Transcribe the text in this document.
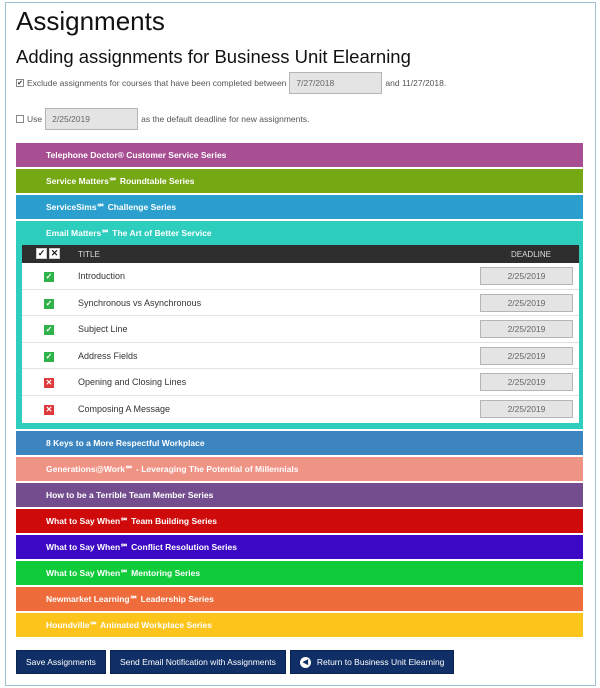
Assignments
Adding assignments for Business Unit Elearning
✔ Exclude assignments for courses that have been completed between	7/27/2018	and 11/27/2018.
Use	2/25/2019	as the default deadline for new assignments.
Telephone Doctor® Customer Service Series
Service Matters℠ Roundtable Series
ServiceSims℠ Challenge Series
Email Matters℠ The Art of Better Service
✓ ✕ TITLE	DEADLINE
✓	Introduction	2/25/2019
✓	Synchronous vs Asynchronous	2/25/2019
✓	Subject Line	2/25/2019
✓	Address Fields	2/25/2019
✕	Opening and Closing Lines	2/25/2019
✕	Composing A Message	2/25/2019
8 Keys to a More Respectful Workplace
Generations@Work℠ - Leveraging The Potential of Millennials
How to be a Terrible Team Member Series
What to Say When℠ Team Building Series
What to Say When℠ Conflict Resolution Series
What to Say When℠ Mentoring Series
Newmarket Learning℠ Leadership Series
Houndville℠ Animated Workplace Series
Save Assignments	Send Email Notification with Assignments	◀	Return to Business Unit Elearning
